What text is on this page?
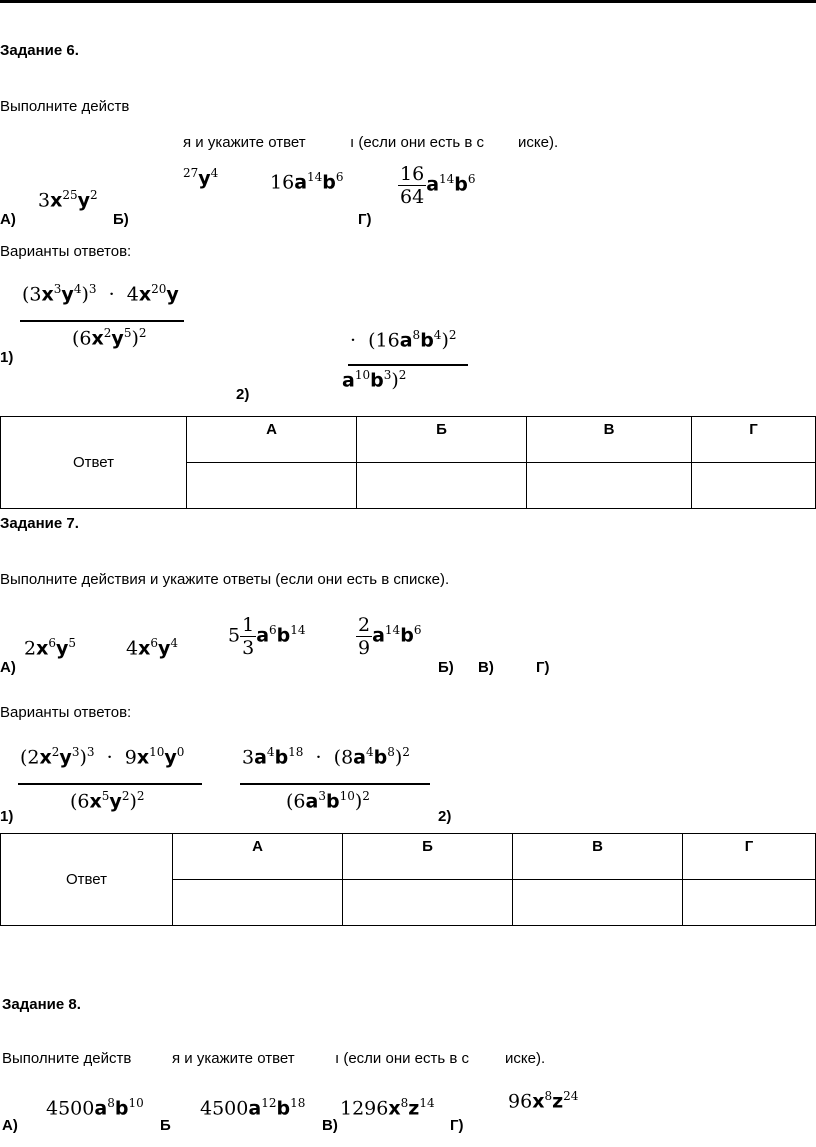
Задание 6.
Выполните действ
я и укажите ответ	ı (если они есть в с иске).
$3x^{25}y^2$
$^{27}y^4$	$16a^{14}b^6$	$\frac{16}{64} a^{14}b^6$
А)	Б)	Г)
Варианты ответов:
$(3x^3y^4)^3 \cdot 4x^{20}y$
$(6x^2y^5)^2$
1)
·  $(16a^8b^4)^2$
$a^{10}b^3)^2$
2)
Ответ	А	Б	В	Г

Задание 7.
Выполните действия и укажите ответы (если они есть в списке).
$2x^6y^5$	$4x^6y^4$	$5 \frac{1}{3} a^6b^{14}$	$\frac{2}{9} a^{14}b^6$
А)	Б) В)	Г)
Варианты ответов:
$(2x^2y^3)^3 \cdot 9x^{10}y^0$
$(6x^5y^2)^2$
$3a^4b^{18} \cdot (8a^4b^8)^2$
$(6a^3b^{10})^2$
1)	2)
Ответ	А	Б	В	Г

Задание 8.
Выполните действ	я и укажите ответ	ı (если они есть в с иске).
$4500a^8b^{10}$	$4500a^{12}b^{18}$ $1296x^8z^{14}$	$96x^8z^{24}$
А)	Б	В)	Г)
